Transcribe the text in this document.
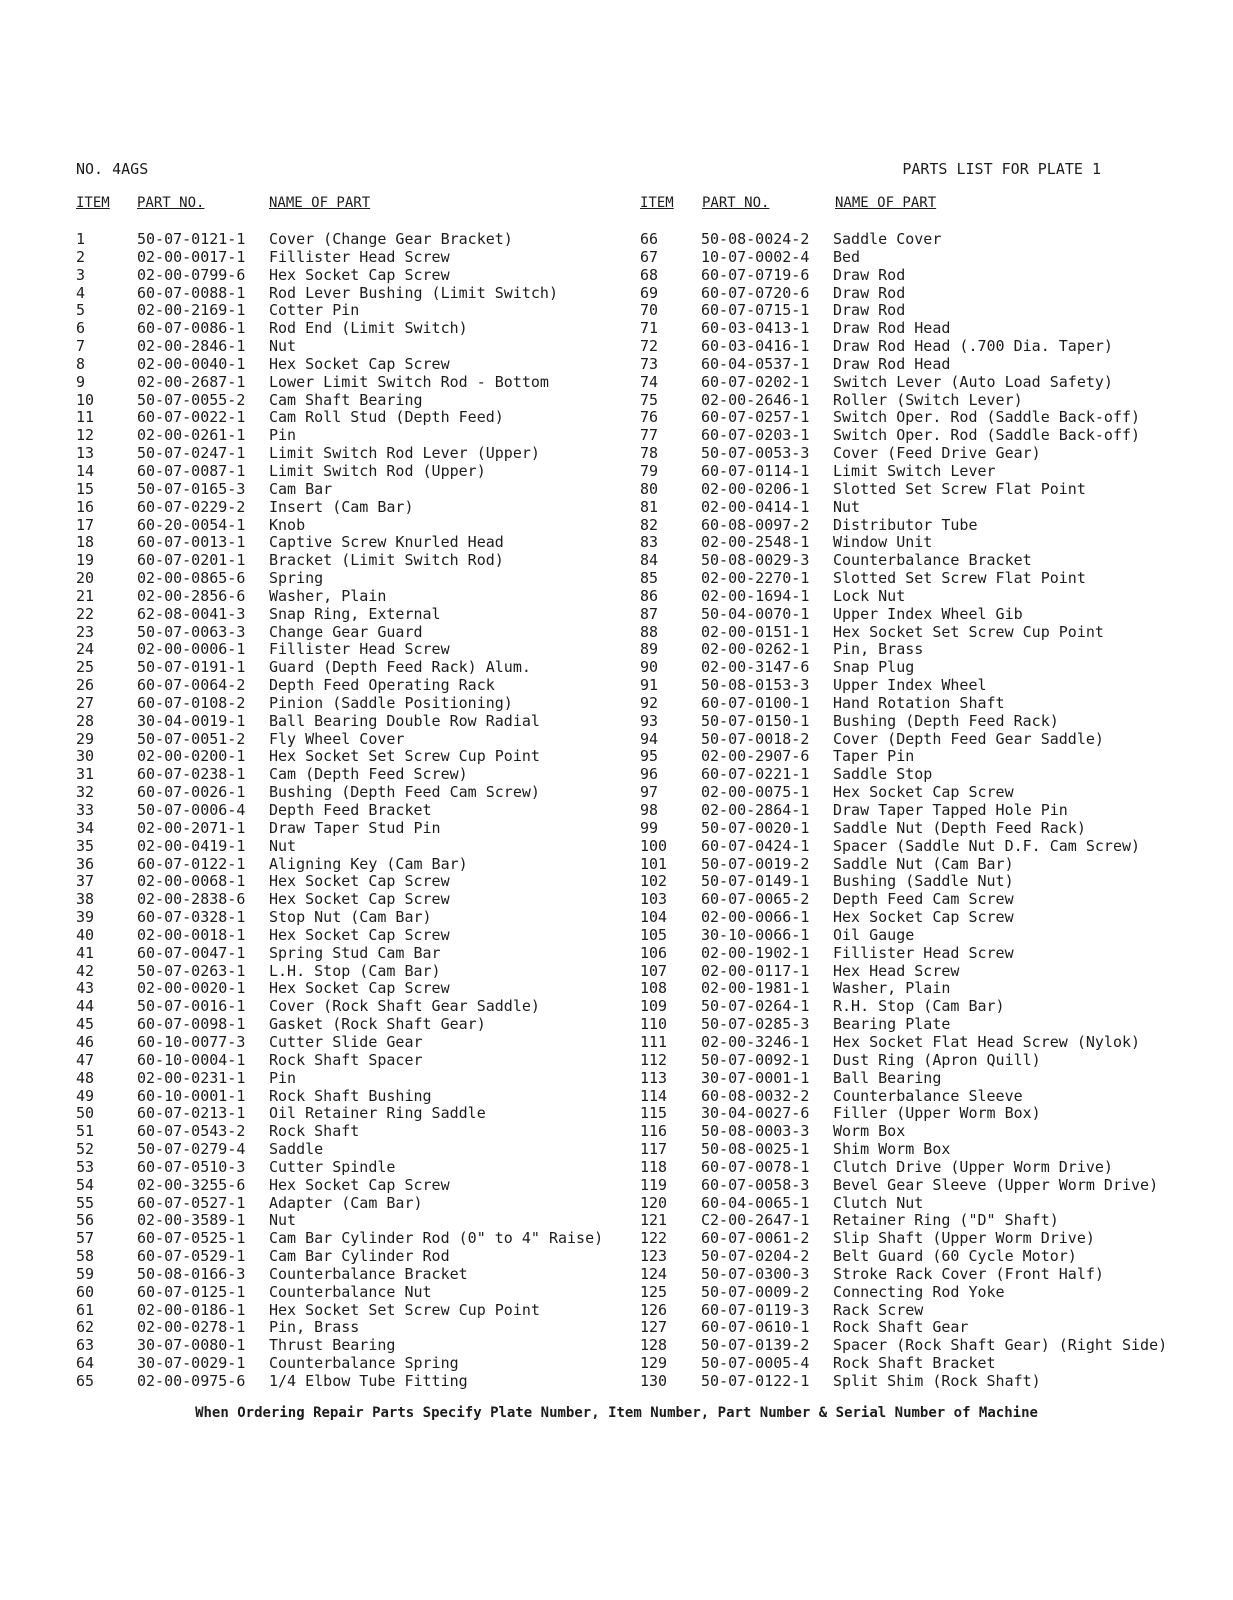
NO. 4AGS	PARTS LIST FOR PLATE 1
ITEM PART NO.	NAME OF PART	ITEM PART NO.	NAME OF PART
1	50-07-0121-1 Cover (Change Gear Bracket)
2	02-00-0017-1 Fillister Head Screw
3	02-00-0799-6 Hex Socket Cap Screw
4	60-07-0088-1 Rod Lever Bushing (Limit Switch)
5	02-00-2169-1 Cotter Pin
6	60-07-0086-1 Rod End (Limit Switch)
7	02-00-2846-1 Nut
8	02-00-0040-1 Hex Socket Cap Screw
9	02-00-2687-1 Lower Limit Switch Rod - Bottom
10	50-07-0055-2 Cam Shaft Bearing
11	60-07-0022-1 Cam Roll Stud (Depth Feed)
12	02-00-0261-1 Pin
13	50-07-0247-1 Limit Switch Rod Lever (Upper)
14	60-07-0087-1 Limit Switch Rod (Upper)
15	50-07-0165-3 Cam Bar
16	60-07-0229-2 Insert (Cam Bar)
17	60-20-0054-1 Knob
18	60-07-0013-1 Captive Screw Knurled Head
19	60-07-0201-1 Bracket (Limit Switch Rod)
20	02-00-0865-6 Spring
21	02-00-2856-6 Washer, Plain
22	62-08-0041-3 Snap Ring, External
23	50-07-0063-3 Change Gear Guard
24	02-00-0006-1 Fillister Head Screw
25	50-07-0191-1 Guard (Depth Feed Rack) Alum.
26	60-07-0064-2 Depth Feed Operating Rack
27	60-07-0108-2 Pinion (Saddle Positioning)
28	30-04-0019-1 Ball Bearing Double Row Radial
29	50-07-0051-2 Fly Wheel Cover
30	02-00-0200-1 Hex Socket Set Screw Cup Point
31	60-07-0238-1 Cam (Depth Feed Screw)
32	60-07-0026-1 Bushing (Depth Feed Cam Screw)
33	50-07-0006-4 Depth Feed Bracket
34	02-00-2071-1 Draw Taper Stud Pin
35	02-00-0419-1 Nut
36	60-07-0122-1 Aligning Key (Cam Bar)
37	02-00-0068-1 Hex Socket Cap Screw
38	02-00-2838-6 Hex Socket Cap Screw
39	60-07-0328-1 Stop Nut (Cam Bar)
40	02-00-0018-1 Hex Socket Cap Screw
41	60-07-0047-1 Spring Stud Cam Bar
42	50-07-0263-1 L.H. Stop (Cam Bar)
43	02-00-0020-1 Hex Socket Cap Screw
44	50-07-0016-1 Cover (Rock Shaft Gear Saddle)
45	60-07-0098-1 Gasket (Rock Shaft Gear)
46	60-10-0077-3 Cutter Slide Gear
47	60-10-0004-1 Rock Shaft Spacer
48	02-00-0231-1 Pin
49	60-10-0001-1 Rock Shaft Bushing
50	60-07-0213-1 Oil Retainer Ring Saddle
51	60-07-0543-2 Rock Shaft
52	50-07-0279-4 Saddle
53	60-07-0510-3 Cutter Spindle
54	02-00-3255-6 Hex Socket Cap Screw
55	60-07-0527-1 Adapter (Cam Bar)
56	02-00-3589-1 Nut
57	60-07-0525-1 Cam Bar Cylinder Rod (0" to 4" Raise)
58	60-07-0529-1 Cam Bar Cylinder Rod
59	50-08-0166-3 Counterbalance Bracket
60	60-07-0125-1 Counterbalance Nut
61	02-00-0186-1 Hex Socket Set Screw Cup Point
62	02-00-0278-1 Pin, Brass
63	30-07-0080-1 Thrust Bearing
64	30-07-0029-1 Counterbalance Spring
65	02-00-0975-6 1/4 Elbow Tube Fitting
66	50-08-0024-2 Saddle Cover
67	10-07-0002-4 Bed
68	60-07-0719-6 Draw Rod
69	60-07-0720-6 Draw Rod
70	60-07-0715-1 Draw Rod
71	60-03-0413-1 Draw Rod Head
72	60-03-0416-1 Draw Rod Head (.700 Dia. Taper)
73	60-04-0537-1 Draw Rod Head
74	60-07-0202-1 Switch Lever (Auto Load Safety)
75	02-00-2646-1 Roller (Switch Lever)
76	60-07-0257-1 Switch Oper. Rod (Saddle Back-off)
77	60-07-0203-1 Switch Oper. Rod (Saddle Back-off)
78	50-07-0053-3 Cover (Feed Drive Gear)
79	60-07-0114-1 Limit Switch Lever
80	02-00-0206-1 Slotted Set Screw Flat Point
81	02-00-0414-1 Nut
82	60-08-0097-2 Distributor Tube
83	02-00-2548-1 Window Unit
84	50-08-0029-3 Counterbalance Bracket
85	02-00-2270-1 Slotted Set Screw Flat Point
86	02-00-1694-1 Lock Nut
87	50-04-0070-1 Upper Index Wheel Gib
88	02-00-0151-1 Hex Socket Set Screw Cup Point
89	02-00-0262-1 Pin, Brass
90	02-00-3147-6 Snap Plug
91	50-08-0153-3 Upper Index Wheel
92	60-07-0100-1 Hand Rotation Shaft
93	50-07-0150-1 Bushing (Depth Feed Rack)
94	50-07-0018-2 Cover (Depth Feed Gear Saddle)
95	02-00-2907-6 Taper Pin
96	60-07-0221-1 Saddle Stop
97	02-00-0075-1 Hex Socket Cap Screw
98	02-00-2864-1 Draw Taper Tapped Hole Pin
99	50-07-0020-1 Saddle Nut (Depth Feed Rack)
100 60-07-0424-1 Spacer (Saddle Nut D.F. Cam Screw)
101 50-07-0019-2 Saddle Nut (Cam Bar)
102 50-07-0149-1 Bushing (Saddle Nut)
103 60-07-0065-2 Depth Feed Cam Screw
104 02-00-0066-1 Hex Socket Cap Screw
105 30-10-0066-1 Oil Gauge
106 02-00-1902-1 Fillister Head Screw
107 02-00-0117-1 Hex Head Screw
108 02-00-1981-1 Washer, Plain
109 50-07-0264-1 R.H. Stop (Cam Bar)
110 50-07-0285-3 Bearing Plate
111 02-00-3246-1 Hex Socket Flat Head Screw (Nylok)
112 50-07-0092-1 Dust Ring (Apron Quill)
113 30-07-0001-1 Ball Bearing
114 60-08-0032-2 Counterbalance Sleeve
115 30-04-0027-6 Filler (Upper Worm Box)
116 50-08-0003-3 Worm Box
117 50-08-0025-1 Shim Worm Box
118 60-07-0078-1 Clutch Drive (Upper Worm Drive)
119 60-07-0058-3 Bevel Gear Sleeve (Upper Worm Drive)
120 60-04-0065-1 Clutch Nut
121 C2-00-2647-1 Retainer Ring ("D" Shaft)
122 60-07-0061-2 Slip Shaft (Upper Worm Drive)
123 50-07-0204-2 Belt Guard (60 Cycle Motor)
124 50-07-0300-3 Stroke Rack Cover (Front Half)
125 50-07-0009-2 Connecting Rod Yoke
126 60-07-0119-3 Rack Screw
127 60-07-0610-1 Rock Shaft Gear
128 50-07-0139-2 Spacer (Rock Shaft Gear) (Right Side)
129 50-07-0005-4 Rock Shaft Bracket
130 50-07-0122-1 Split Shim (Rock Shaft)
When Ordering Repair Parts Specify Plate Number, Item Number, Part Number & Serial Number of Machine
